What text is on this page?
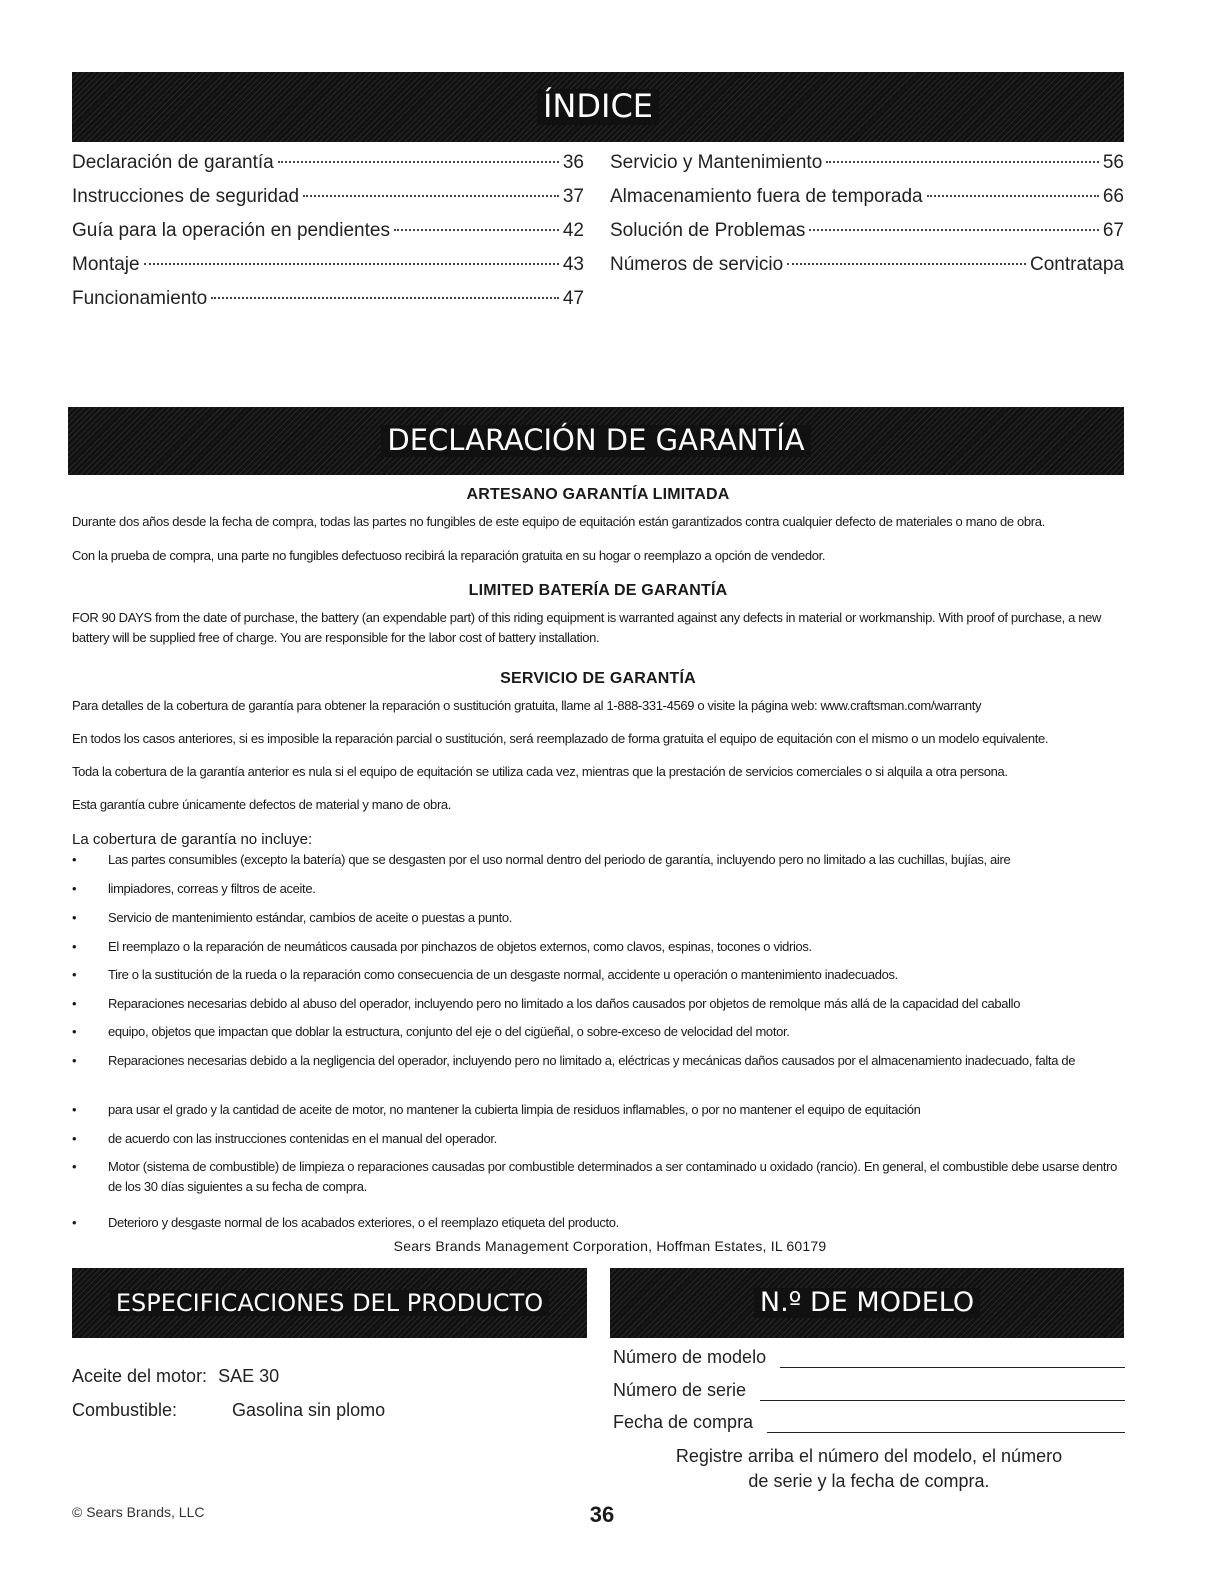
ÍNDICE
Declaración de garantía	36
Instrucciones de seguridad	37
Guía para la operación en pendientes	42
Montaje	43
Funcionamiento	47
Servicio y Mantenimiento	56
Almacenamiento fuera de temporada	66
Solución de Problemas	67
Números de servicio	Contratapa
DECLARACIÓN DE GARANTÍA
ARTESANO GARANTÍA LIMITADA
Durante dos años desde la fecha de compra, todas las partes no fungibles de este equipo de equitación están garantizados contra cualquier defecto de materiales o mano de obra.
Con la prueba de compra, una parte no fungibles defectuoso recibirá la reparación gratuita en su hogar o reemplazo a opción de vendedor.
LIMITED BATERÍA DE GARANTÍA
FOR 90 DAYS from the date of purchase, the battery (an expendable part) of this riding equipment is warranted against any defects in material or workmanship. With proof of purchase, a new battery will be supplied free of charge. You are responsible for the labor cost of battery installation.
SERVICIO DE GARANTÍA
Para detalles de la cobertura de garantía para obtener la reparación o sustitución gratuita, llame al 1-888-331-4569 o visite la página web: www.craftsman.com/warranty
En todos los casos anteriores, si es imposible la reparación parcial o sustitución, será reemplazado de forma gratuita el equipo de equitación con el mismo o un modelo equivalente.
Toda la cobertura de la garantía anterior es nula si el equipo de equitación se utiliza cada vez, mientras que la prestación de servicios comerciales o si alquila a otra persona.
Esta garantía cubre únicamente defectos de material y mano de obra.
La cobertura de garantía no incluye:
• Las partes consumibles (excepto la batería) que se desgasten por el uso normal dentro del periodo de garantía, incluyendo pero no limitado a las cuchillas, bujías, aire
• limpiadores, correas y filtros de aceite.
• Servicio de mantenimiento estándar, cambios de aceite o puestas a punto.
• El reemplazo o la reparación de neumáticos causada por pinchazos de objetos externos, como clavos, espinas, tocones o vidrios.
• Tire o la sustitución de la rueda o la reparación como consecuencia de un desgaste normal, accidente u operación o mantenimiento inadecuados.
• Reparaciones necesarias debido al abuso del operador, incluyendo pero no limitado a los daños causados por objetos de remolque más allá de la capacidad del caballo
• equipo, objetos que impactan que doblar la estructura, conjunto del eje o del cigüeñal, o sobre-exceso de velocidad del motor.
• Reparaciones necesarias debido a la negligencia del operador, incluyendo pero no limitado a, eléctricas y mecánicas daños causados por el almacenamiento inadecuado, falta de
• para usar el grado y la cantidad de aceite de motor, no mantener la cubierta limpia de residuos inflamables, o por no mantener el equipo de equitación
• de acuerdo con las instrucciones contenidas en el manual del operador.
• Motor (sistema de combustible) de limpieza o reparaciones causadas por combustible determinados a ser contaminado u oxidado (rancio). En general, el combustible debe usarse dentro de los 30 días siguientes a su fecha de compra.
• Deterioro y desgaste normal de los acabados exteriores, o el reemplazo etiqueta del producto.
Sears Brands Management Corporation, Hoffman Estates, IL 60179
ESPECIFICACIONES DEL PRODUCTO	N.º DE MODELO
Aceite del motor: SAE 30
Combustible:	Gasolina sin plomo
Número de modelo
Número de serie
Fecha de compra
Registre arriba el número del modelo, el número
de serie y la fecha de compra.
© Sears Brands, LLC	36
